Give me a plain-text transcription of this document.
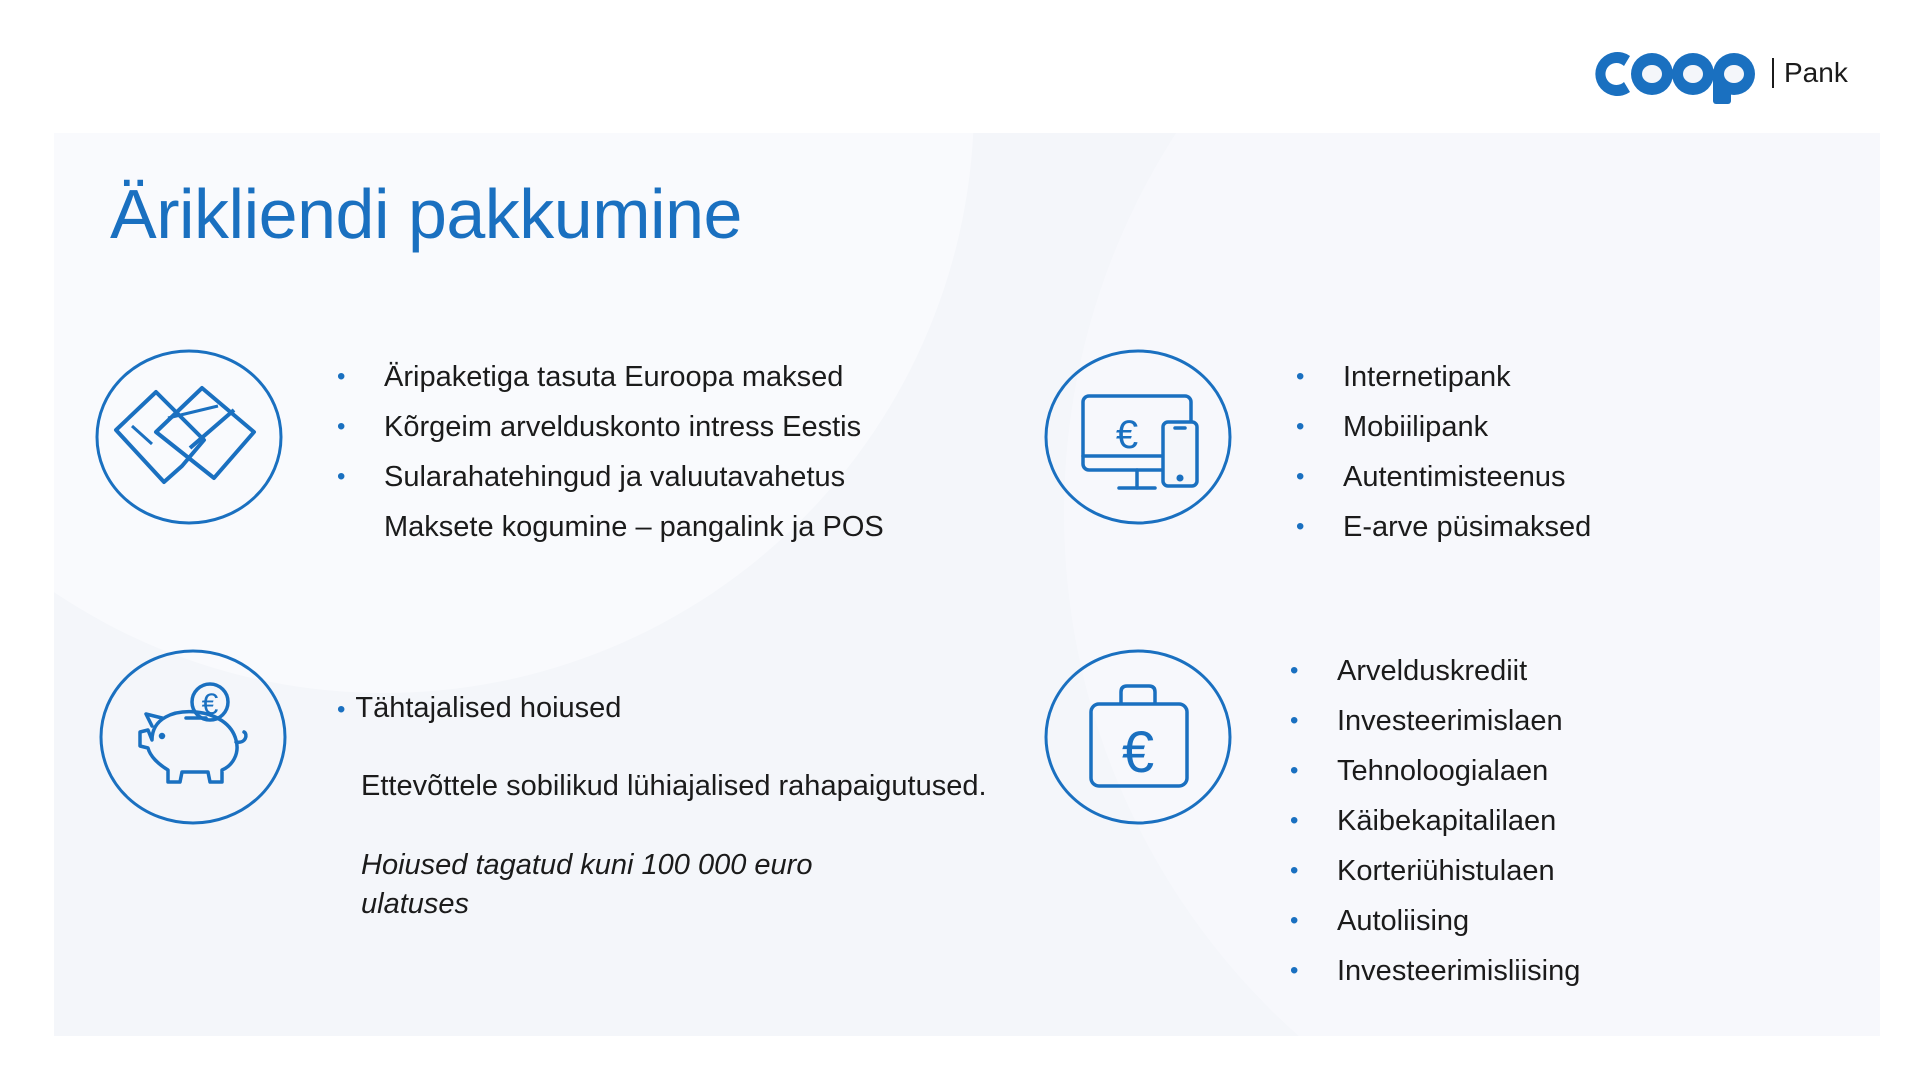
Pank
Ärikliendi pakkumine
€
€
€
•	Äripaketiga tasuta Euroopa maksed
•	Kõrgeim arvelduskonto intress Eestis
•	Sularahatehingud ja valuutavahetus
Maksete kogumine – pangalink ja POS
•	Internetipank
•	Mobiilipank
•	Autentimisteenus
•	E-arve püsimaksed
• Tähtajalised hoiused
Ettevõttele sobilikud lühiajalised rahapaigutused.
Hoiused tagatud kuni 100 000 euro ulatuses
•	Arvelduskrediit
•	Investeerimislaen
•	Tehnoloogialaen
•	Käibekapitalilaen
•	Korteriühistulaen
•	Autoliising
•	Investeerimisliising
